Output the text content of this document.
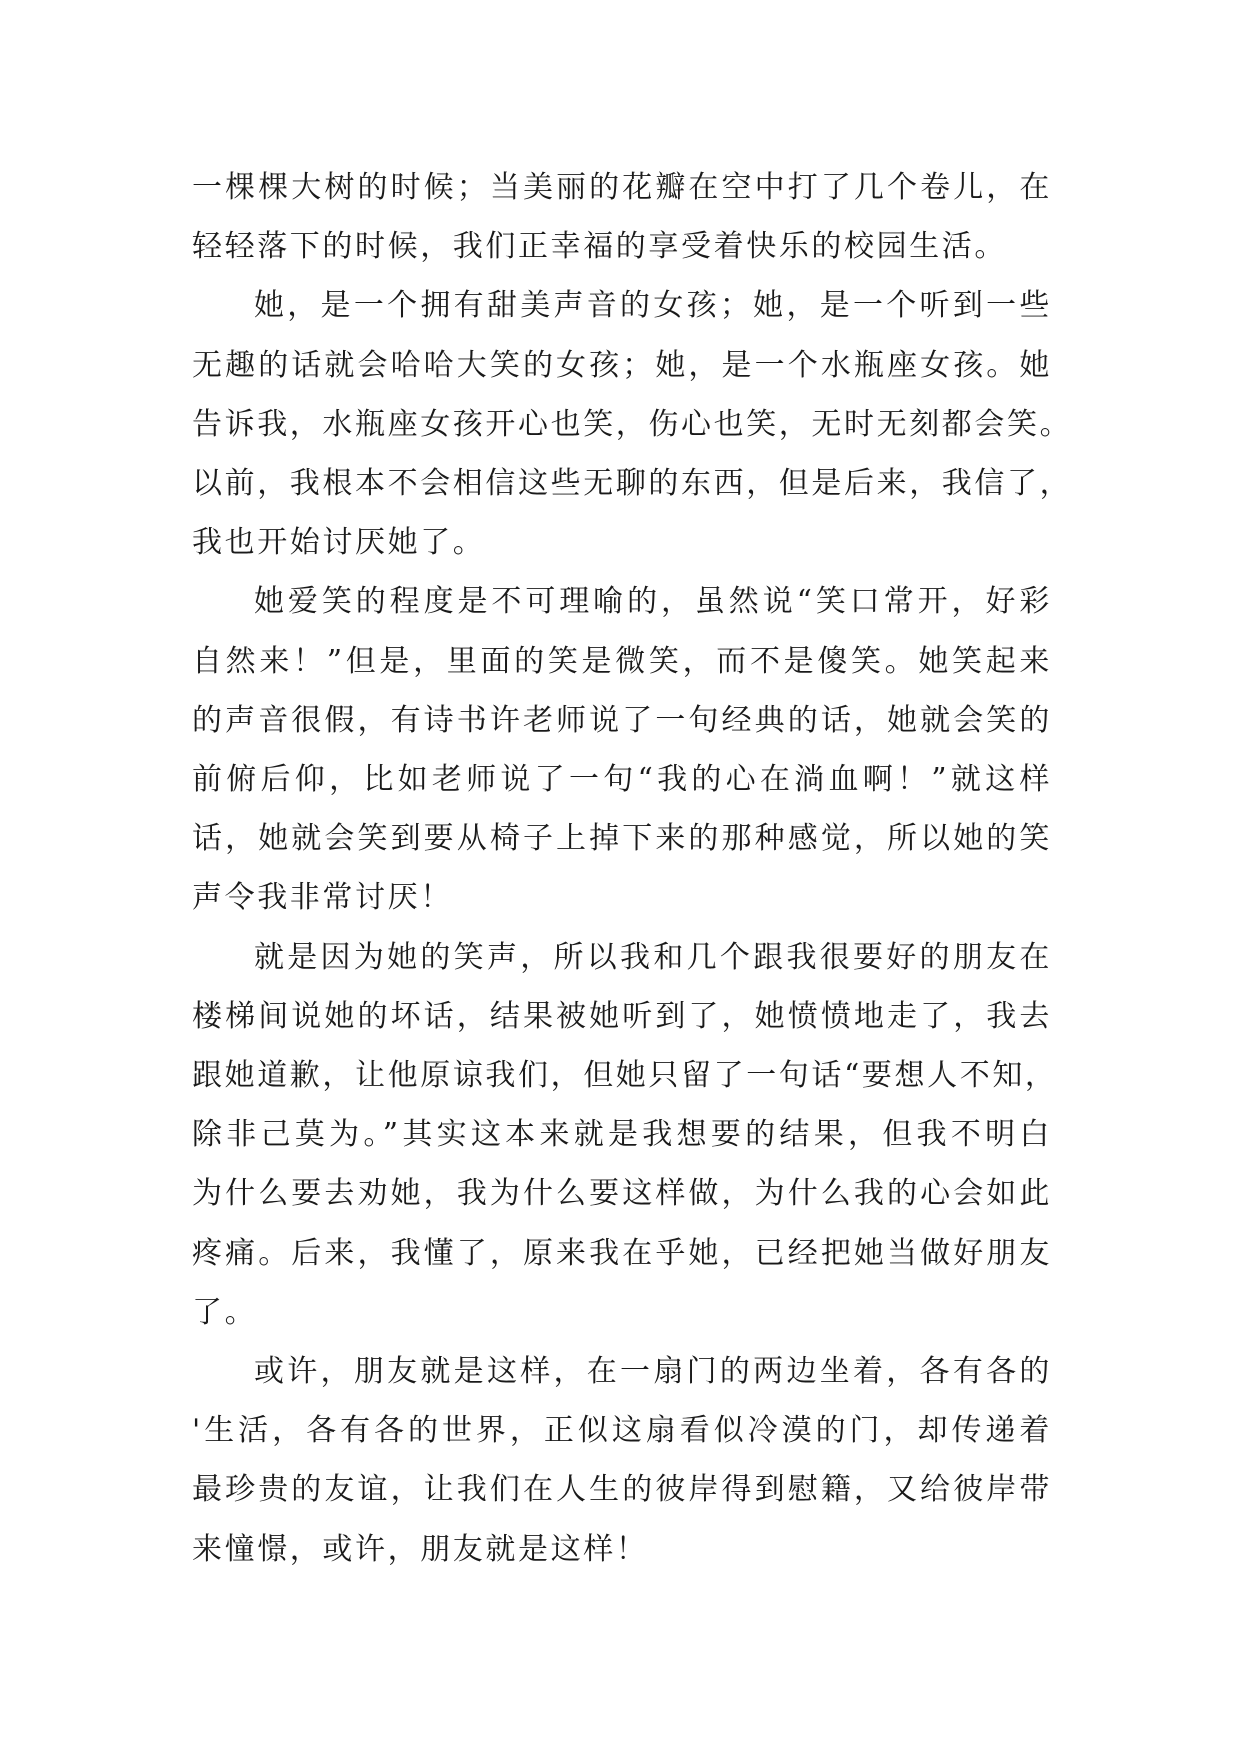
一棵棵大树的时候；当美丽的花瓣在空中打了几个卷儿，在
轻轻落下的时候，我们正幸福的享受着快乐的校园生活。

她，是一个拥有甜美声音的女孩；她，是一个听到一些
无趣的话就会哈哈大笑的女孩；她，是一个水瓶座女孩。她
告诉我，水瓶座女孩开心也笑，伤心也笑，无时无刻都会笑。
以前，我根本不会相信这些无聊的东西，但是后来，我信了，
我也开始讨厌她了。

她爱笑的程度是不可理喻的，虽然说“笑口常开，好彩
自然来！”但是，里面的笑是微笑，而不是傻笑。她笑起来
的声音很假，有诗书许老师说了一句经典的话，她就会笑的
前俯后仰，比如老师说了一句“我的心在淌血啊！”就这样
话，她就会笑到要从椅子上掉下来的那种感觉，所以她的笑
声令我非常讨厌！

就是因为她的笑声，所以我和几个跟我很要好的朋友在
楼梯间说她的坏话，结果被她听到了，她愤愤地走了，我去
跟她道歉，让他原谅我们，但她只留了一句话“要想人不知，
除非己莫为。”其实这本来就是我想要的结果，但我不明白
为什么要去劝她，我为什么要这样做，为什么我的心会如此
疼痛。后来，我懂了，原来我在乎她，已经把她当做好朋友
了。

或许，朋友就是这样，在一扇门的两边坐着，各有各的
'生活，各有各的世界，正似这扇看似冷漠的门，却传递着
最珍贵的友谊，让我们在人生的彼岸得到慰籍，又给彼岸带
来憧憬，或许，朋友就是这样！
